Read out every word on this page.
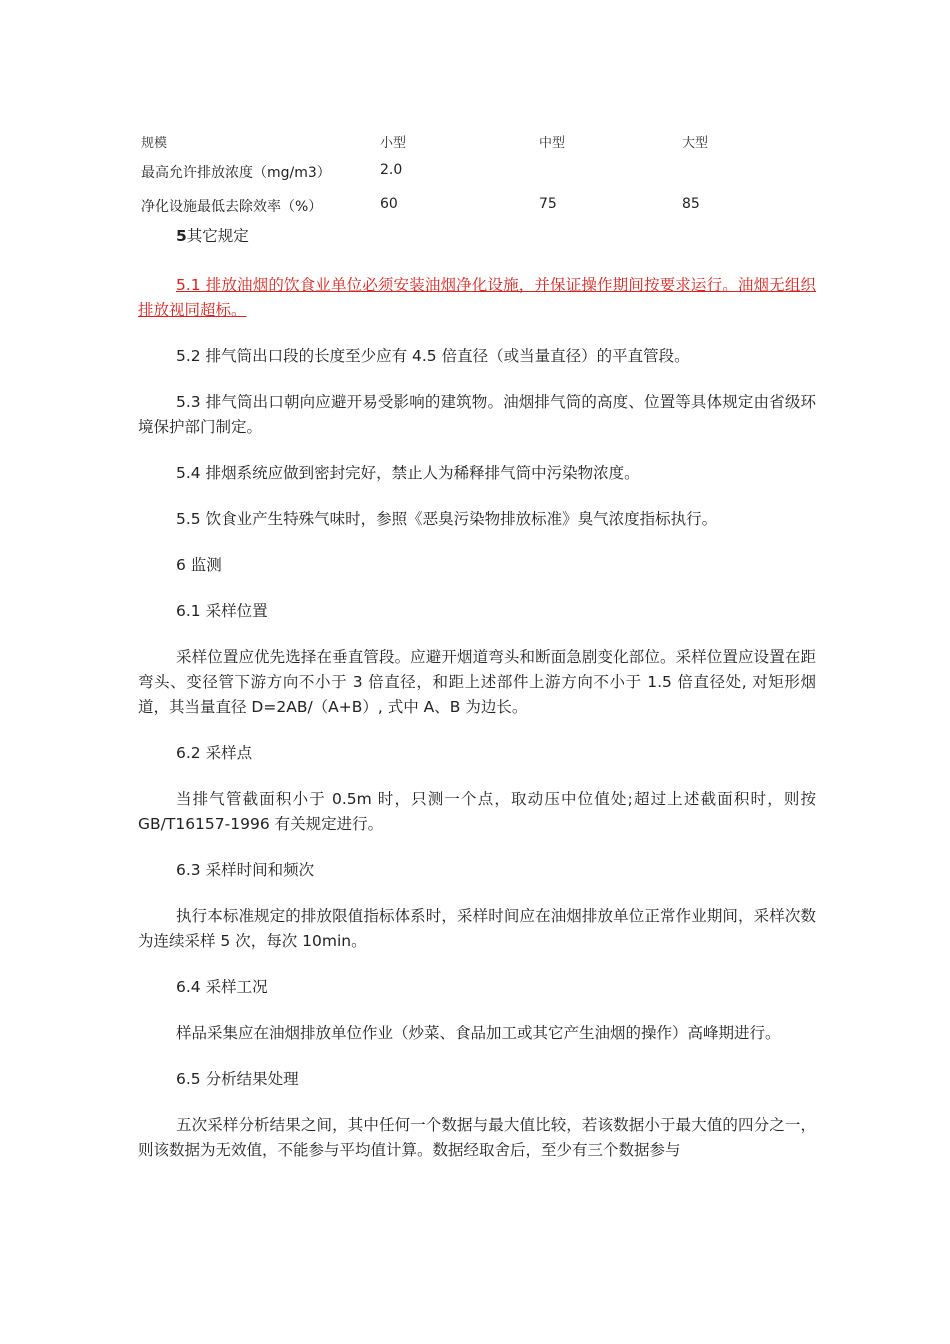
规模	小型	中型	大型
最高允许排放浓度（mg/m3）	2.0
净化设施最低去除效率（%）	60	75	85

5其它规定

5.1 排放油烟的饮食业单位必须安装油烟净化设施，并保证操作期间按要求运行。油烟无组织排放视同超标。

5.2 排气筒出口段的长度至少应有 4.5 倍直径（或当量直径）的平直管段。

5.3 排气筒出口朝向应避开易受影响的建筑物。油烟排气筒的高度、位置等具体规定由省级环境保护部门制定。

5.4 排烟系统应做到密封完好，禁止人为稀释排气筒中污染物浓度。

5.5 饮食业产生特殊气味时，参照《恶臭污染物排放标准》臭气浓度指标执行。

6 监测

6.1 采样位置

采样位置应优先选择在垂直管段。应避开烟道弯头和断面急剧变化部位。采样位置应设置在距弯头、变径管下游方向不小于 3 倍直径，和距上述部件上游方向不小于 1.5 倍直径处, 对矩形烟道，其当量直径 D=2AB/（A+B）, 式中 A、B 为边长。

6.2 采样点

当排气管截面积小于 0.5m 时，只测一个点，取动压中位值处;超过上述截面积时，则按 GB/T16157-1996 有关规定进行。

6.3 采样时间和频次

执行本标准规定的排放限值指标体系时，采样时间应在油烟排放单位正常作业期间，采样次数为连续采样 5 次，每次 10min。

6.4 采样工况

样品采集应在油烟排放单位作业（炒菜、食品加工或其它产生油烟的操作）高峰期进行。

6.5 分析结果处理

五次采样分析结果之间，其中任何一个数据与最大值比较，若该数据小于最大值的四分之一，则该数据为无效值，不能参与平均值计算。数据经取舍后，至少有三个数据参与
